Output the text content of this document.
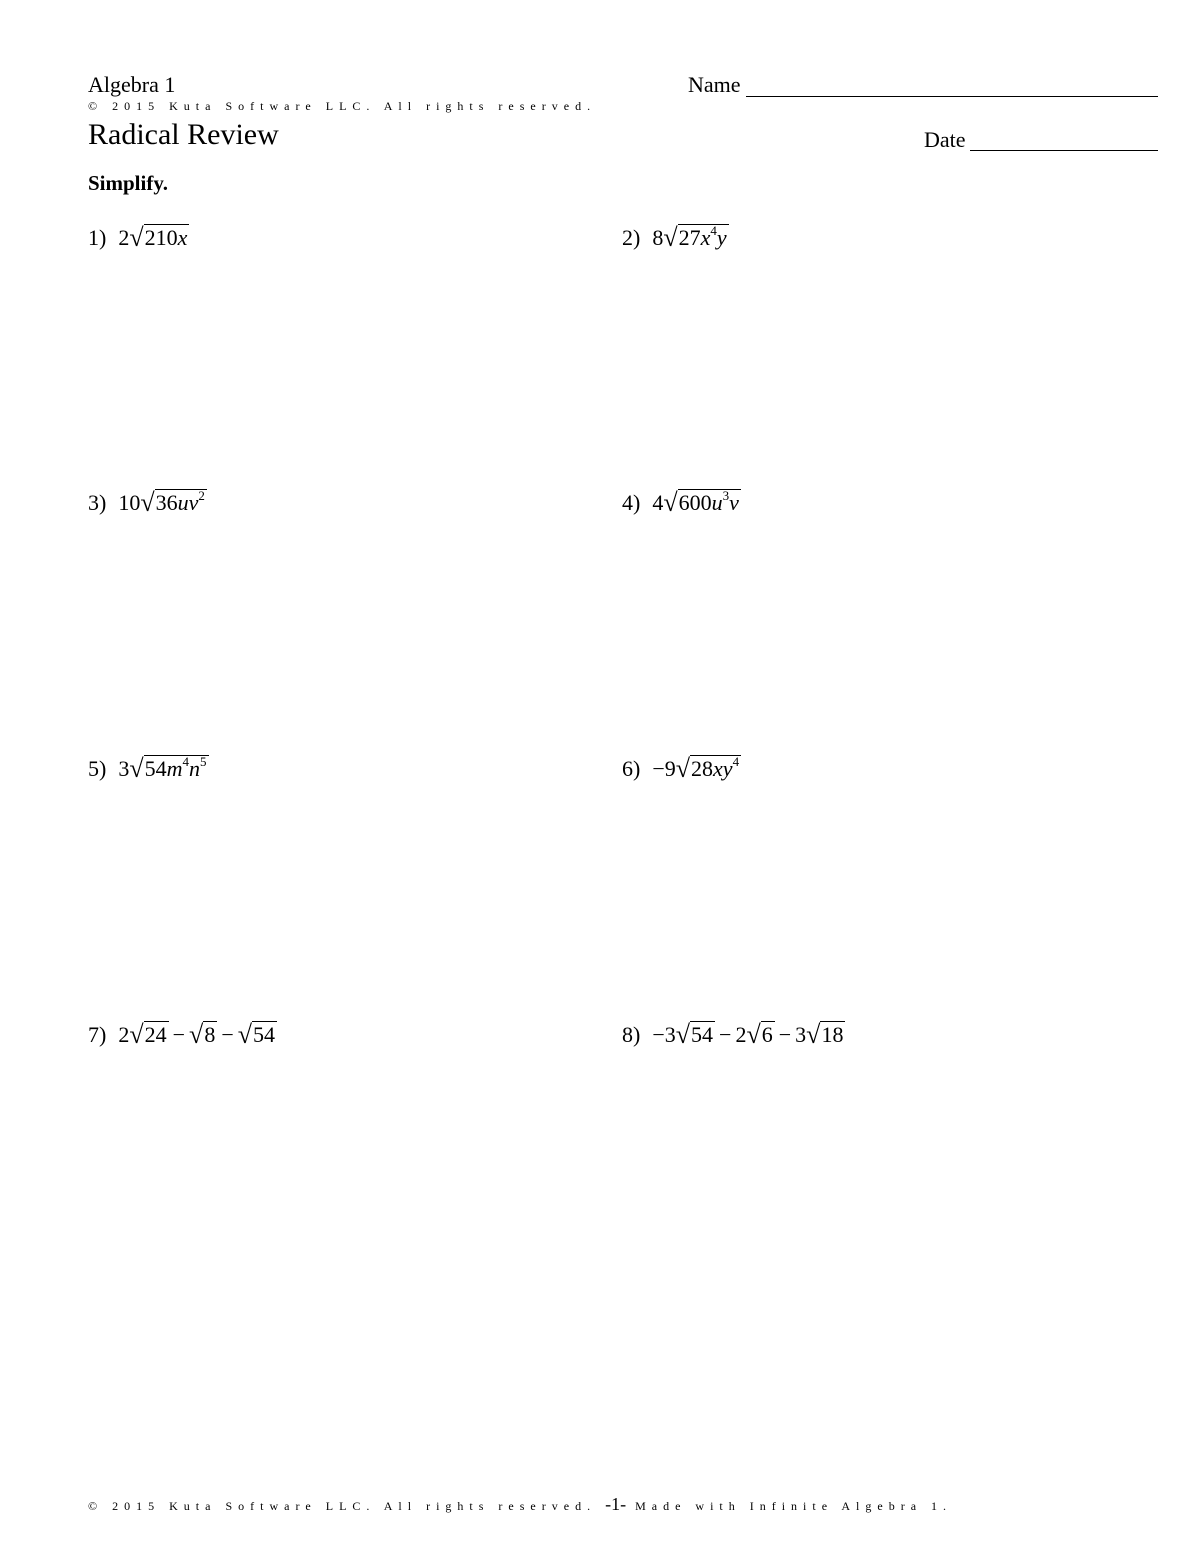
Algebra 1
© 2015 Kuta Software LLC. All rights reserved.
Name
Radical Review	Date
Simplify.
1) 2 √ 210x	2) 8 √ $27x^4y$
3) 10 √ $36uv^2$	4) 4 √ $600u^3v$
5) 3 √ $54m^4n^5$	6) −9 √ $28xy^4$
7) 2 √ 24 − √ 8 − √ 54	8) −3 √ 54 − 2 √ 6 − 3 √ 18
© 2015 Kuta Software LLC. All rights reserved. -1- Made with Infinite Algebra 1.
